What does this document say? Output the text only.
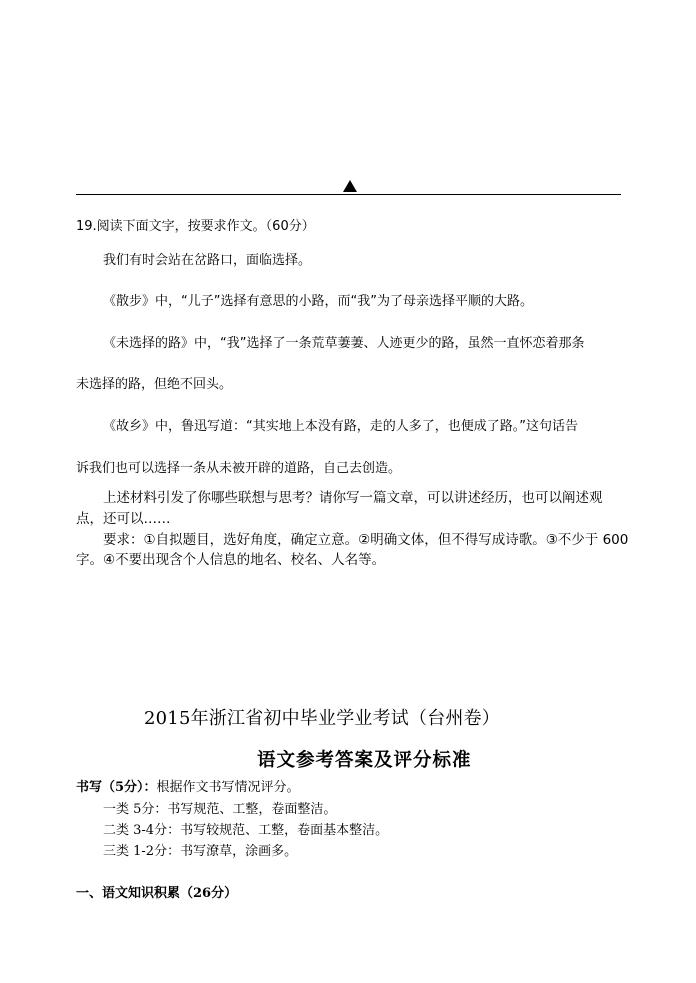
19.阅读下面文字，按要求作文。（60分）
我们有时会站在岔路口，面临选择。
《散步》中，“儿子”选择有意思的小路，而“我”为了母亲选择平顺的大路。
《未选择的路》中，“我”选择了一条荒草萋萋、人迹更少的路，虽然一直怀恋着那条
未选择的路，但绝不回头。
《故乡》中，鲁迅写道：“其实地上本没有路，走的人多了，也便成了路。”这句话告
诉我们也可以选择一条从未被开辟的道路，自己去创造。
上述材料引发了你哪些联想与思考？请你写一篇文章，可以讲述经历，也可以阐述观
点，还可以……
要求：①自拟题目，选好角度，确定立意。②明确文体，但不得写成诗歌。③不少于 600
字。④不要出现含个人信息的地名、校名、人名等。
2015年浙江省初中毕业学业考试（台州卷）
语文参考答案及评分标准
书写（5分）：根据作文书写情况评分。
一类 5分：书写规范、工整，卷面整洁。
二类 3-4分：书写较规范、工整，卷面基本整洁。
三类 1-2分：书写潦草，涂画多。
一、语文知识积累（26分）
